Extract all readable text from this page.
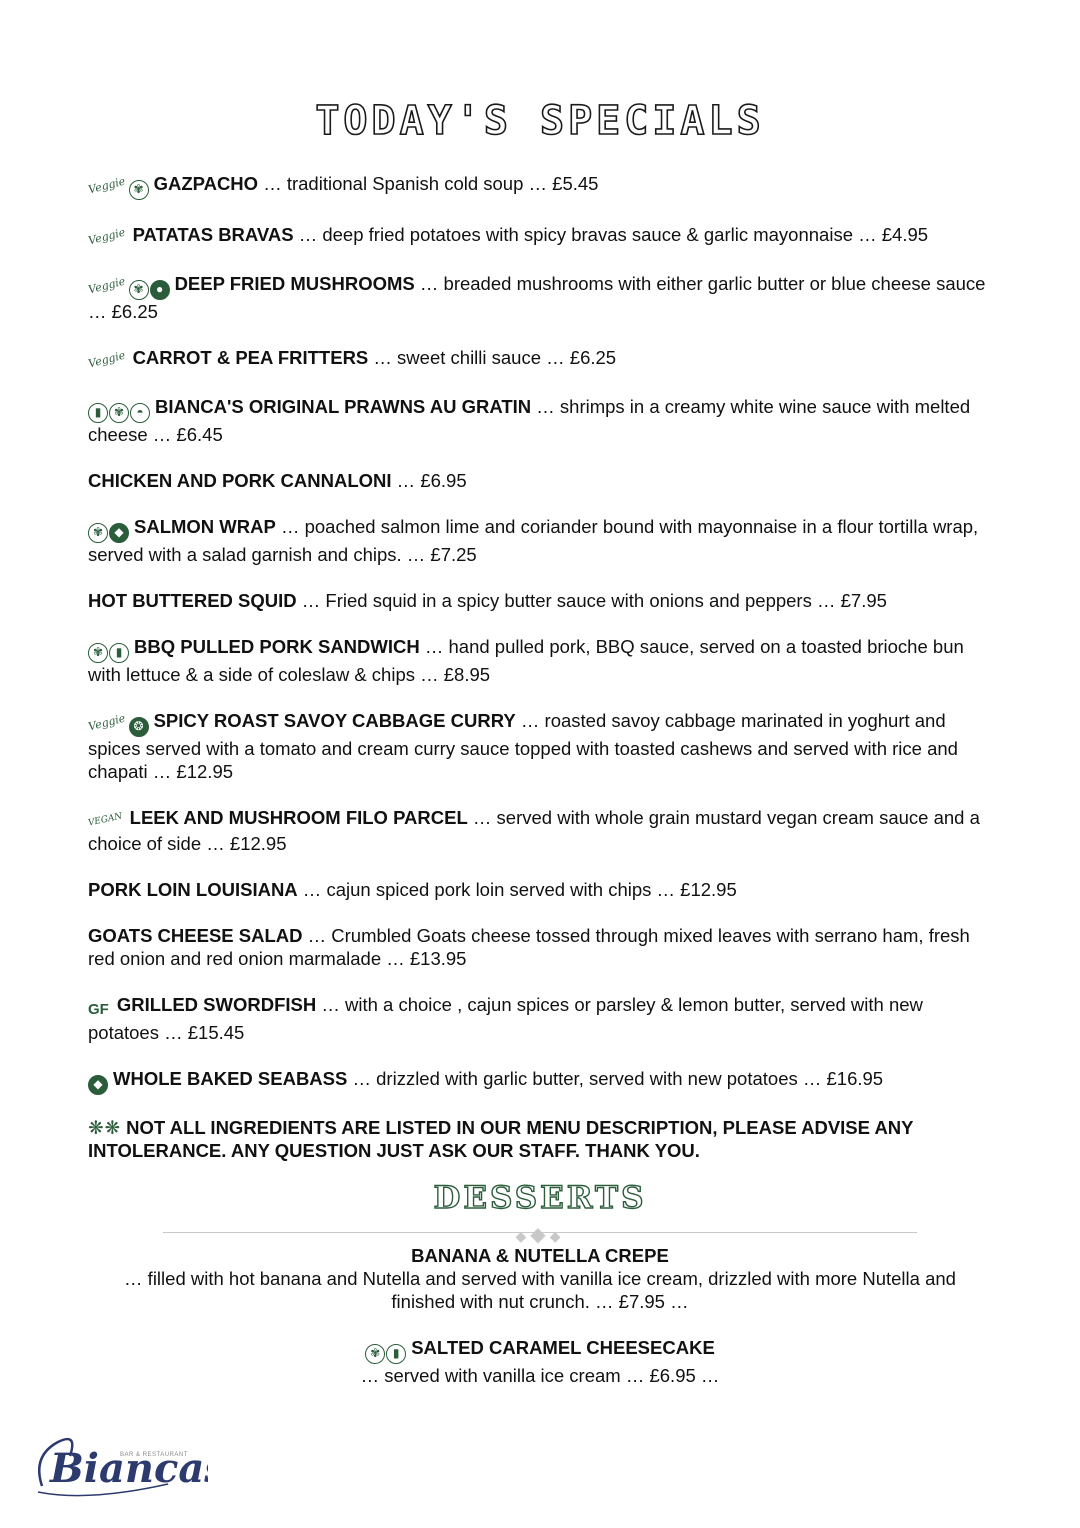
TODAY'S SPECIALS
Veggie ✾ GAZPACHO … traditional Spanish cold soup … £5.45
Veggie PATATAS BRAVAS … deep fried potatoes with spicy bravas sauce & garlic mayonnaise … £4.95
Veggie ✾ ● DEEP FRIED MUSHROOMS … breaded mushrooms with either garlic butter or blue cheese sauce … £6.25
Veggie CARROT & PEA FRITTERS … sweet chilli sauce … £6.25
▮ ✾ ◓ BIANCA'S ORIGINAL PRAWNS AU GRATIN … shrimps in a creamy white wine sauce with melted cheese … £6.45
CHICKEN AND PORK CANNALONI … £6.95
✾ ◆ SALMON WRAP … poached salmon lime and coriander bound with mayonnaise in a flour tortilla wrap, served with a salad garnish and chips. … £7.25
HOT BUTTERED SQUID … Fried squid in a spicy butter sauce with onions and peppers … £7.95
✾ ▮ BBQ PULLED PORK SANDWICH … hand pulled pork, BBQ sauce, served on a toasted brioche bun with lettuce & a side of coleslaw & chips … £8.95
Veggie ❂ SPICY ROAST SAVOY CABBAGE CURRY … roasted savoy cabbage marinated in yoghurt and spices served with a tomato and cream curry sauce topped with toasted cashews and served with rice and chapati … £12.95
VEGAN LEEK AND MUSHROOM FILO PARCEL … served with whole grain mustard vegan cream sauce and a choice of side … £12.95
PORK LOIN LOUISIANA … cajun spiced pork loin served with chips … £12.95
GOATS CHEESE SALAD … Crumbled Goats cheese tossed through mixed leaves with serrano ham, fresh red onion and red onion marmalade … £13.95
GF GRILLED SWORDFISH … with a choice , cajun spices or parsley & lemon butter, served with new potatoes … £15.45
◆ WHOLE BAKED SEABASS … drizzled with garlic butter, served with new potatoes … £16.95
❋❋ NOT ALL INGREDIENTS ARE LISTED IN OUR MENU DESCRIPTION, PLEASE ADVISE ANY INTOLERANCE. ANY QUESTION JUST ASK OUR STAFF. THANK YOU.
DESSERTS
◆◆◆
BANANA & NUTELLA CREPE
… filled with hot banana and Nutella and served with vanilla ice cream, drizzled with more Nutella and finished with nut crunch. … £7.95 …
✾ ▮ SALTED CARAMEL CHEESECAKE
… served with vanilla ice cream … £6.95 …
Bianca
BAR & RESTAURANT
